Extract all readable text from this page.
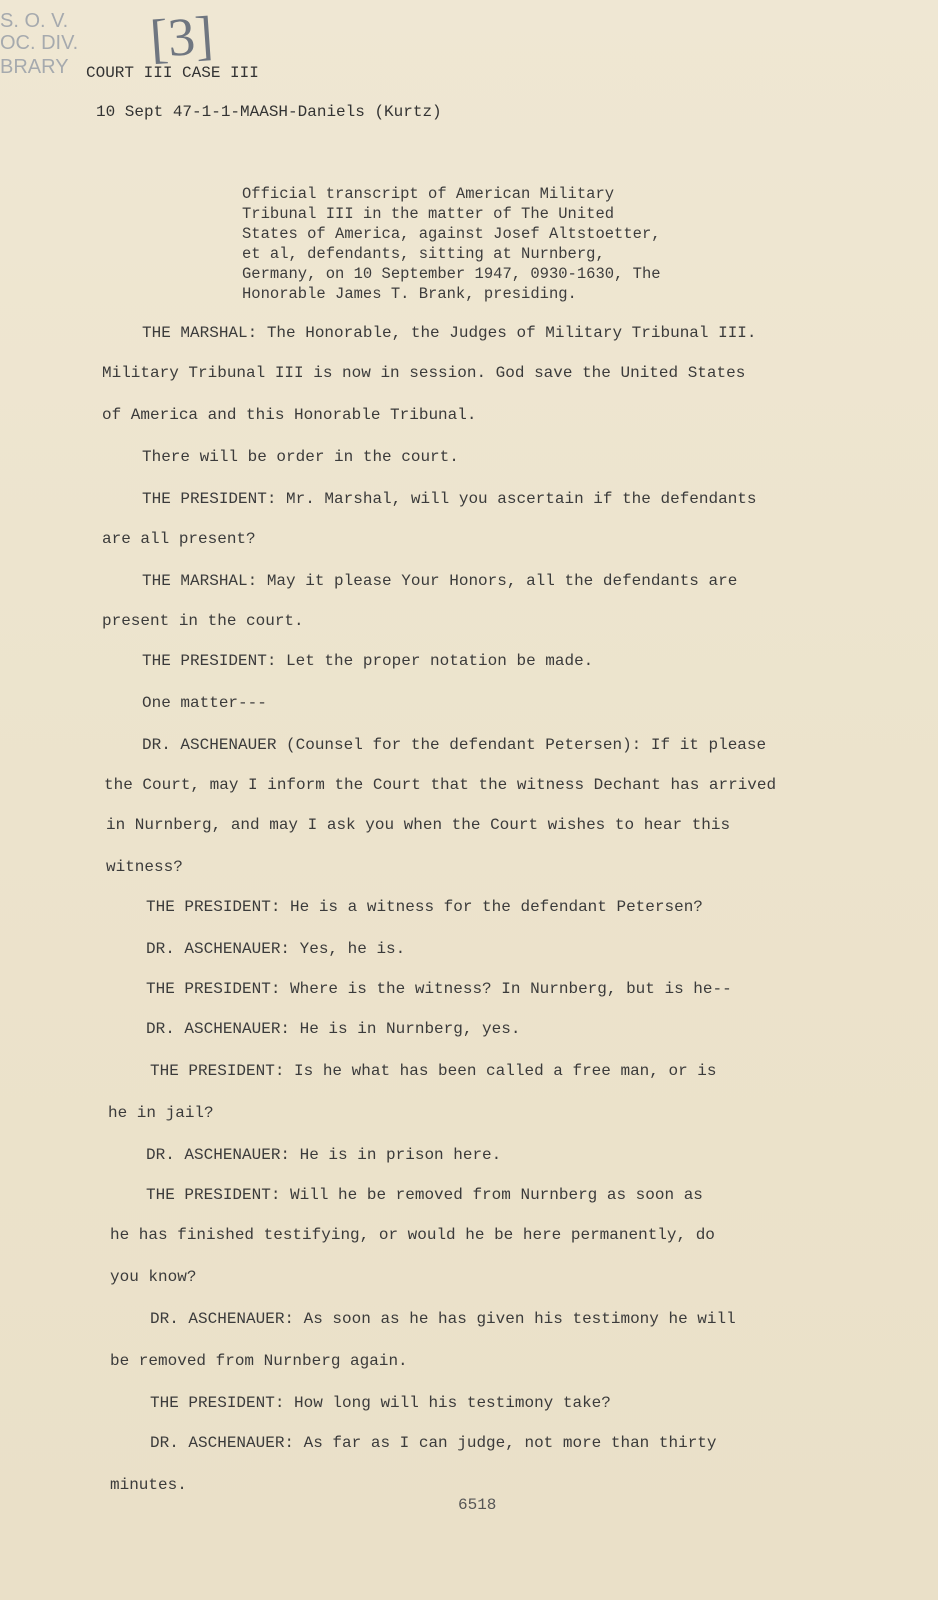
S. O. V.
OC. DIV.
BRARY [3]
COURT III CASE III
10 Sept 47-1-1-MAASH-Daniels (Kurtz)
Official transcript of American Military
Tribunal III in the matter of The United
States of America, against Josef Altstoetter,
et al, defendants, sitting at Nurnberg,
Germany, on 10 September 1947, 0930-1630, The
Honorable James T. Brank, presiding.
THE MARSHAL: The Honorable, the Judges of Military Tribunal III.
Military Tribunal III is now in session. God save the United States
of America and this Honorable Tribunal.
There will be order in the court.
THE PRESIDENT: Mr. Marshal, will you ascertain if the defendants
are all present?
THE MARSHAL: May it please Your Honors, all the defendants are
present in the court.
THE PRESIDENT: Let the proper notation be made.
One matter---
DR. ASCHENAUER (Counsel for the defendant Petersen): If it please
the Court, may I inform the Court that the witness Dechant has arrived
in Nurnberg, and may I ask you when the Court wishes to hear this
witness?
THE PRESIDENT: He is a witness for the defendant Petersen?
DR. ASCHENAUER: Yes, he is.
THE PRESIDENT: Where is the witness? In Nurnberg, but is he--
DR. ASCHENAUER: He is in Nurnberg, yes.
THE PRESIDENT: Is he what has been called a free man, or is
he in jail?
DR. ASCHENAUER: He is in prison here.
THE PRESIDENT: Will he be removed from Nurnberg as soon as
he has finished testifying, or would he be here permanently, do
you know?
DR. ASCHENAUER: As soon as he has given his testimony he will
be removed from Nurnberg again.
THE PRESIDENT: How long will his testimony take?
DR. ASCHENAUER: As far as I can judge, not more than thirty
minutes.
6518
